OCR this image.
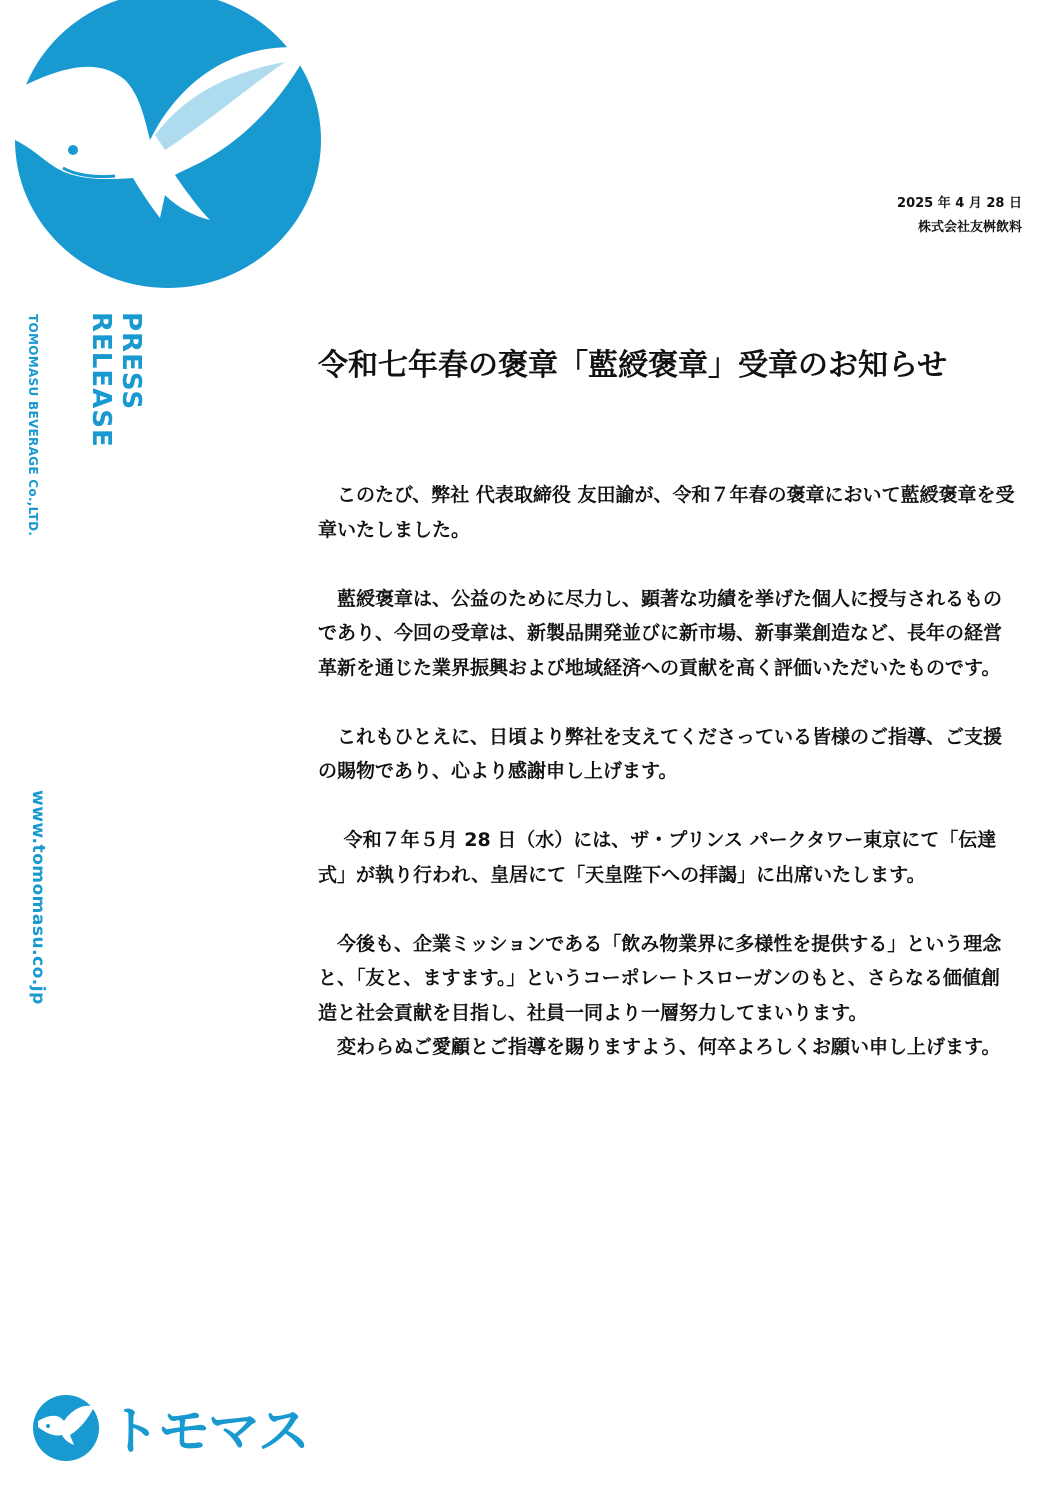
PRESS
RELEASE
TOMOMASU BEVERAGE Co.,LTD.
www.tomomasu.co.jp
2025 年 4 月 28 日
株式会社友桝飲料
令和七年春の褒章「藍綬褒章」受章のお知らせ

　このたび、弊社 代表取締役 友田諭が、令和７年春の褒章において藍綬褒章を受章いたしました。

　藍綬褒章は、公益のために尽力し、顕著な功績を挙げた個人に授与されるものであり、今回の受章は、新製品開発並びに新市場、新事業創造など、長年の経営革新を通じた業界振興および地域経済への貢献を高く評価いただいたものです。

　これもひとえに、日頃より弊社を支えてくださっている皆様のご指導、ご支援の賜物であり、心より感謝申し上げます。

　 令和７年５月 28 日（水）には、ザ・プリンス パークタワー東京にて「伝達式」が執り行われ、皇居にて「天皇陛下への拝謁」に出席いたします。

　今後も、企業ミッションである「飲み物業界に多様性を提供する」という理念と、「友と、ますます。」というコーポレートスローガンのもと、さらなる価値創造と社会貢献を目指し、社員一同より一層努力してまいります。

　変わらぬご愛顧とご指導を賜りますよう、何卒よろしくお願い申し上げます。

トモマス
